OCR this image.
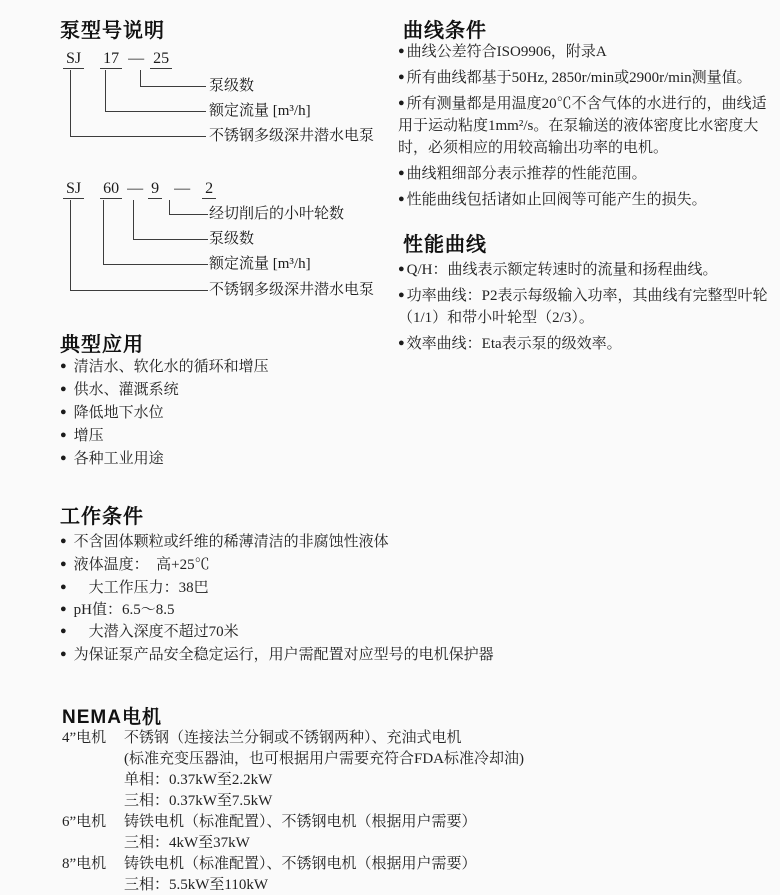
泵型号说明
SJ 17 — 25
泵级数
额定流量 [m³/h]
不锈钢多级深井潜水电泵
SJ 60 — 9 — 2
经切削后的小叶轮数
泵级数
额定流量 [m³/h]
不锈钢多级深井潜水电泵
曲线条件

● 曲线公差符合ISO9906，附录A

● 所有曲线都基于50Hz, 2850r/min或2900r/min测量值。

● 所有测量都是用温度20℃不含气体的水进行的，曲线适用于运动粘度1mm²/s。在泵输送的液体密度比水密度大时，必须相应的用较高输出功率的电机。

● 曲线粗细部分表示推荐的性能范围。

● 性能曲线包括诸如止回阀等可能产生的损失。

性能曲线

● Q/H：曲线表示额定转速时的流量和扬程曲线。

● 功率曲线：P2表示每级输入功率，其曲线有完整型叶轮（1/1）和带小叶轮型（2/3）。

● 效率曲线：Eta表示泵的级效率。

典型应用
● 清洁水、软化水的循环和增压
● 供水、灌溉系统
● 降低地下水位
● 增压
● 各种工业用途
工作条件
● 不含固体颗粒或纤维的稀薄清洁的非腐蚀性液体
● 液体温度：　高+25℃
●　大工作压力：38巴
● pH值：6.5～8.5
●　大潜入深度不超过70米
● 为保证泵产品安全稳定运行，用户需配置对应型号的电机保护器
NEMA电机
4”电机	不锈钢（连接法兰分铜或不锈钢两种）、充油式电机
(标准充变压器油，也可根据用户需要充符合FDA标准冷却油)
单相：0.37kW至2.2kW
三相：0.37kW至7.5kW
6”电机	铸铁电机（标准配置）、不锈钢电机（根据用户需要）
三相：4kW至37kW
8”电机	铸铁电机（标准配置）、不锈钢电机（根据用户需要）
三相：5.5kW至110kW
